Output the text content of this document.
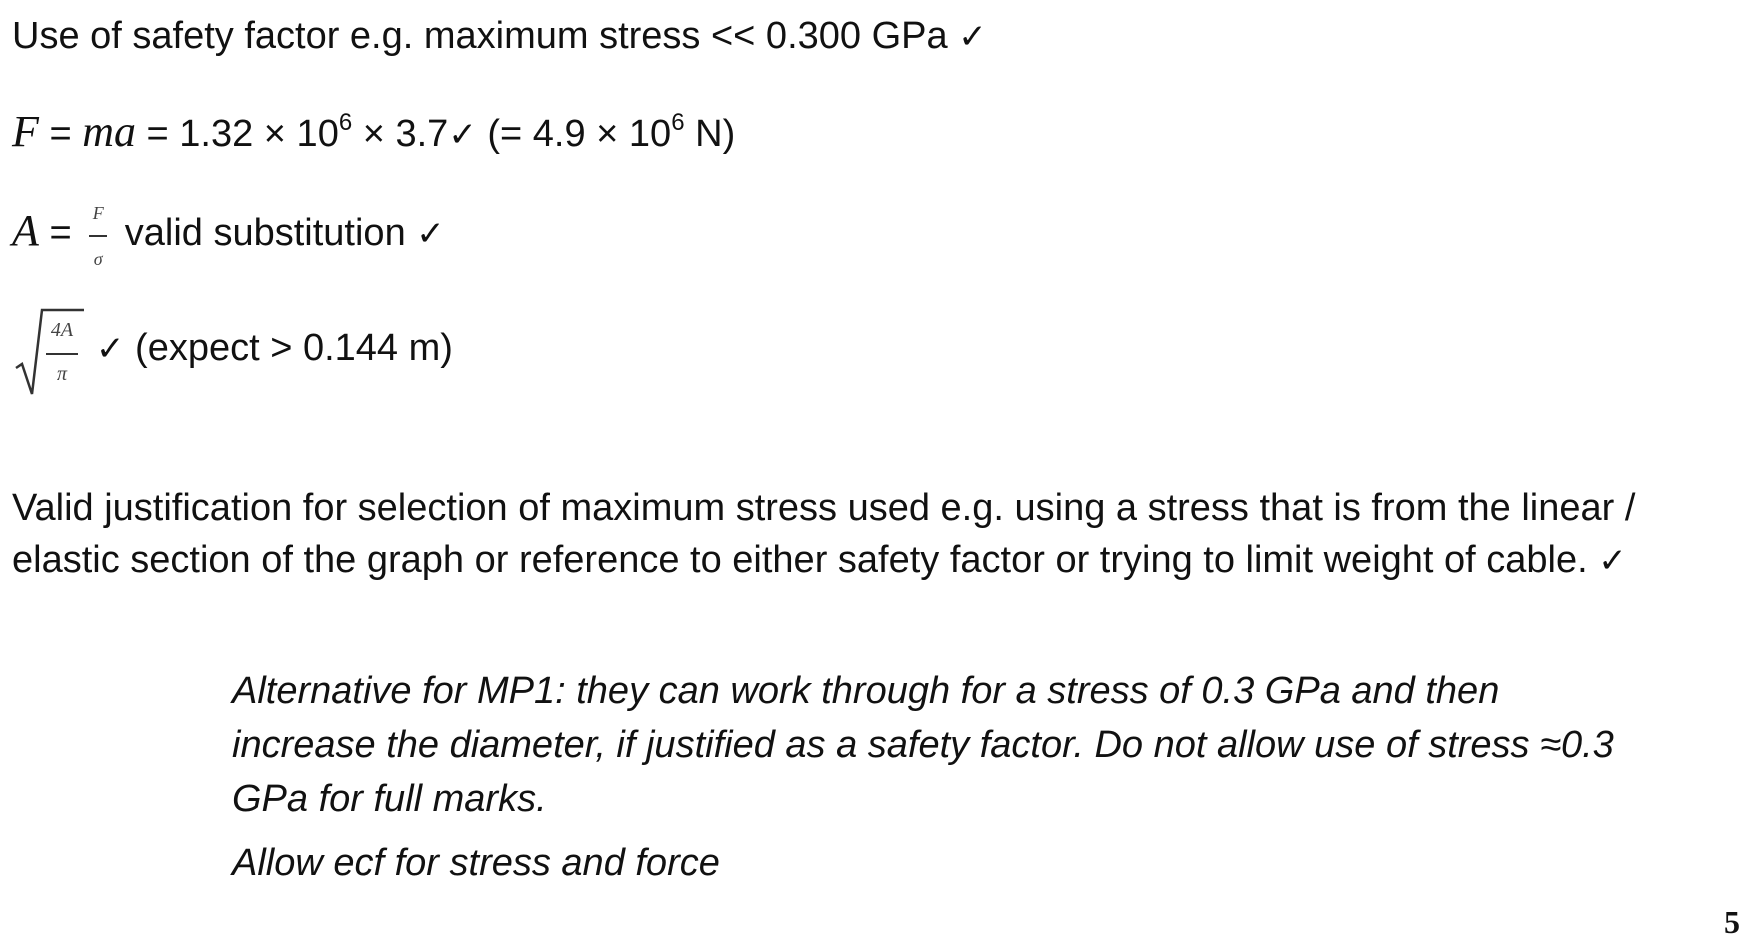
Use of safety factor e.g. maximum stress << 0.300 GPa ✓
F = ma = $1.32 \times 10^6$ × 3.7✓ (= $4.9 \times 10^6$ N)
$A = \frac{F}{\sigma}$ valid substitution ✓
4A
π
✓ (expect > 0.144 m)
Valid justification for selection of maximum stress used e.g. using a stress that is from the linear / elastic section of the graph or reference to either safety factor or trying to limit weight of cable. ✓
Alternative for MP1: they can work through for a stress of 0.3 GPa and then increase the diameter, if justified as a safety factor. Do not allow use of stress ≈0.3 GPa for full marks.
Allow ecf for stress and force
5
